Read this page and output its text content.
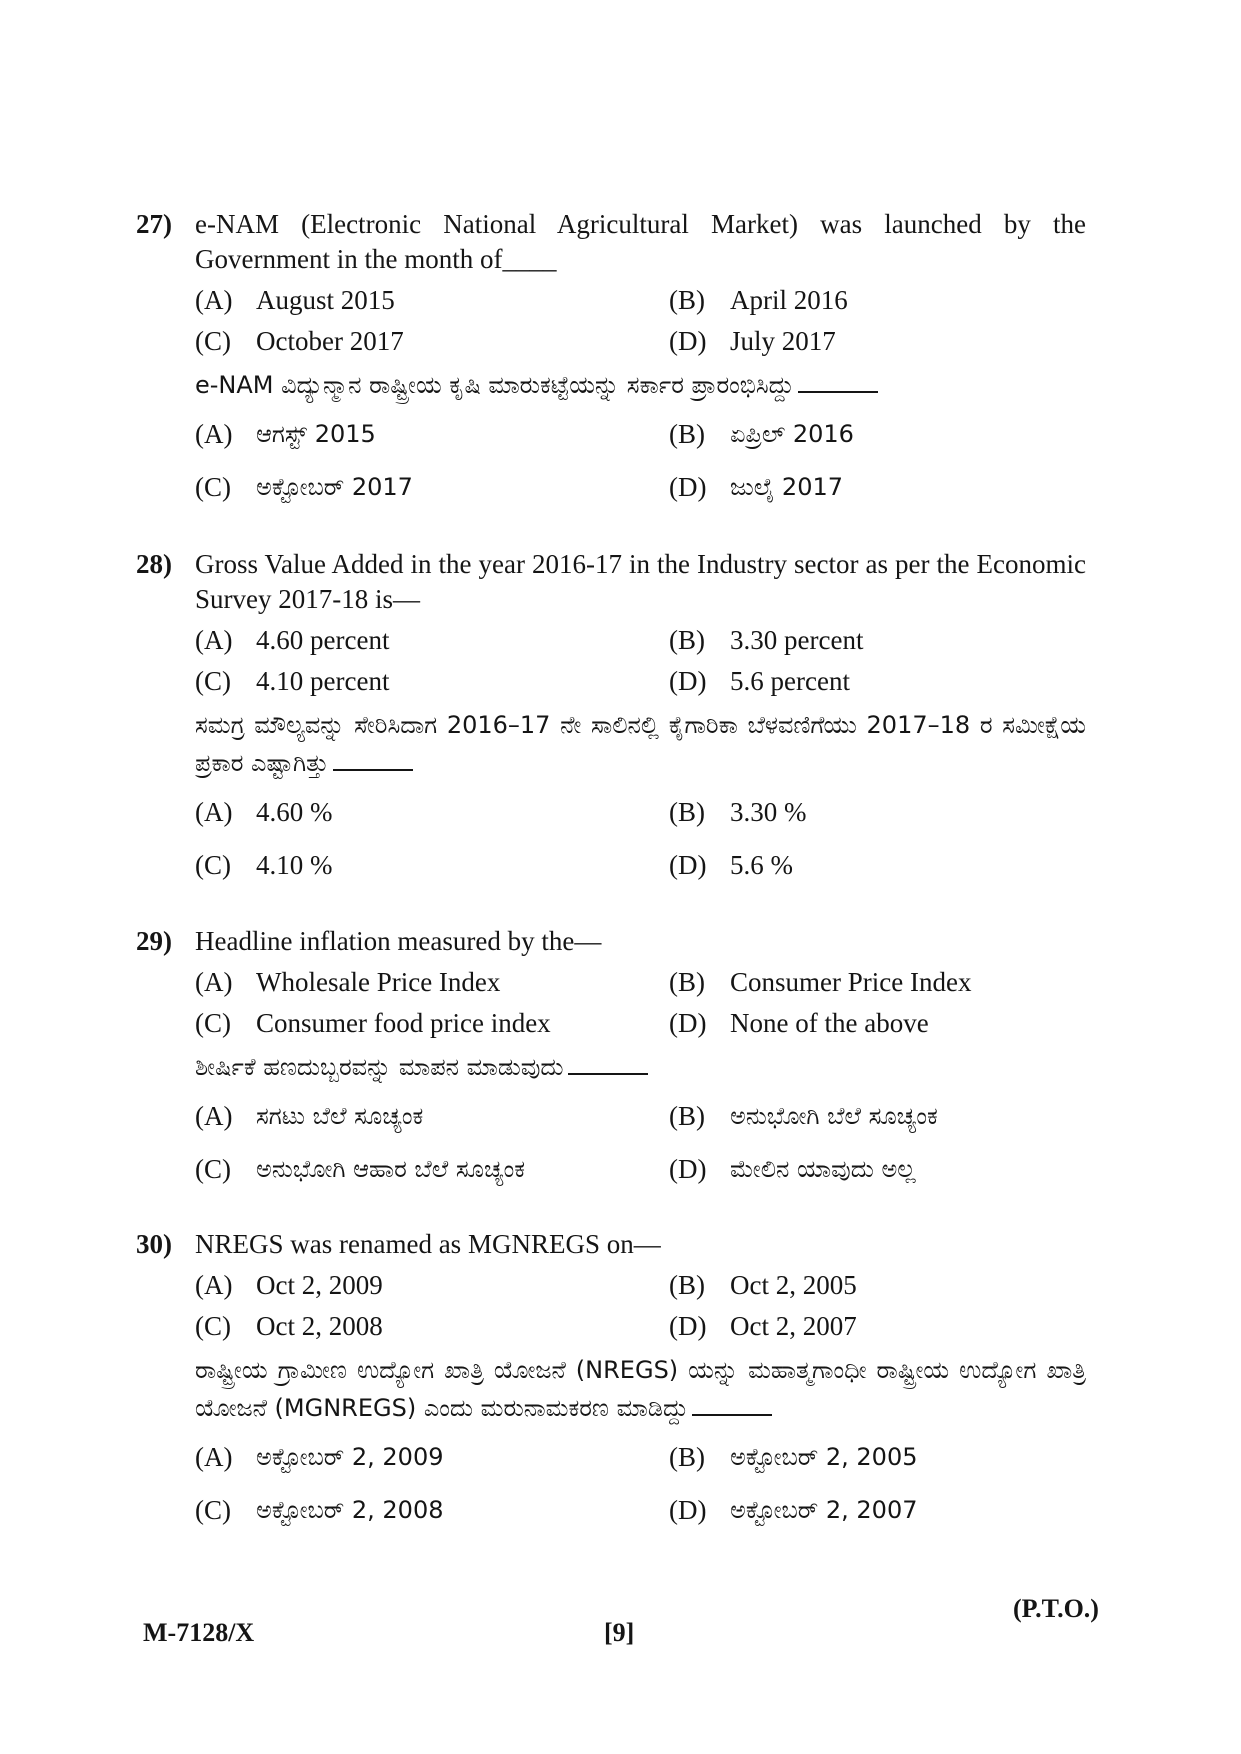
27) e-NAM (Electronic National Agricultural Market) was launched by the Government in the month of____
(A) August 2015	(B) April 2016
(C) October 2017	(D) July 2017
e-NAM ವಿದ್ಯುನ್ಮಾನ ರಾಷ್ಟ್ರೀಯ ಕೃಷಿ ಮಾರುಕಟ್ಟೆಯನ್ನು ಸರ್ಕಾರ ಪ್ರಾರಂಭಿಸಿದ್ದು
(A) ಆಗಸ್ಟ್ 2015	(B)	ಏಪ್ರಿಲ್ 2016
(C)	ಅಕ್ಟೋಬರ್ 2017	(D) ಜುಲೈ 2017
28) Gross Value Added in the year 2016-17 in the Industry sector as per the Economic Survey 2017-18 is—
(A) 4.60 percent	(B) 3.30 percent
(C) 4.10 percent	(D) 5.6 percent
ಸಮಗ್ರ ಮೌಲ್ಯವನ್ನು ಸೇರಿಸಿದಾಗ 2016–17 ನೇ ಸಾಲಿನಲ್ಲಿ ಕೈಗಾರಿಕಾ ಬೆಳವಣಿಗೆಯು 2017–18 ರ ಸಮೀಕ್ಷೆಯ ಪ್ರಕಾರ ಎಷ್ಟಾಗಿತ್ತು
(A) 4.60 %	(B) 3.30 %
(C) 4.10 %	(D) 5.6 %
29) Headline inflation measured by the—
(A) Wholesale Price Index	(B) Consumer Price Index
(C) Consumer food price index	(D) None of the above
ಶೀರ್ಷಿಕೆ ಹಣದುಬ್ಬರವನ್ನು ಮಾಪನ ಮಾಡುವುದು
(A) ಸಗಟು ಬೆಲೆ ಸೂಚ್ಯಂಕ	(B)	ಅನುಭೋಗಿ ಬೆಲೆ ಸೂಚ್ಯಂಕ
(C)	ಅನುಭೋಗಿ ಆಹಾರ ಬೆಲೆ ಸೂಚ್ಯಂಕ	(D) ಮೇಲಿನ ಯಾವುದು ಅಲ್ಲ
30) NREGS was renamed as MGNREGS on—
(A) Oct 2, 2009	(B) Oct 2, 2005
(C) Oct 2, 2008	(D) Oct 2, 2007
ರಾಷ್ಟ್ರೀಯ ಗ್ರಾಮೀಣ ಉದ್ಯೋಗ ಖಾತ್ರಿ ಯೋಜನೆ (NREGS) ಯನ್ನು ಮಹಾತ್ಮಗಾಂಧೀ ರಾಷ್ಟ್ರೀಯ ಉದ್ಯೋಗ ಖಾತ್ರಿ ಯೋಜನೆ (MGNREGS) ಎಂದು ಮರುನಾಮಕರಣ ಮಾಡಿದ್ದು
(A) ಅಕ್ಟೋಬರ್ 2, 2009	(B)	ಅಕ್ಟೋಬರ್ 2, 2005
(C)	ಅಕ್ಟೋಬರ್ 2, 2008	(D) ಅಕ್ಟೋಬರ್ 2, 2007
M-7128/X	[9]
(P.T.O.)
